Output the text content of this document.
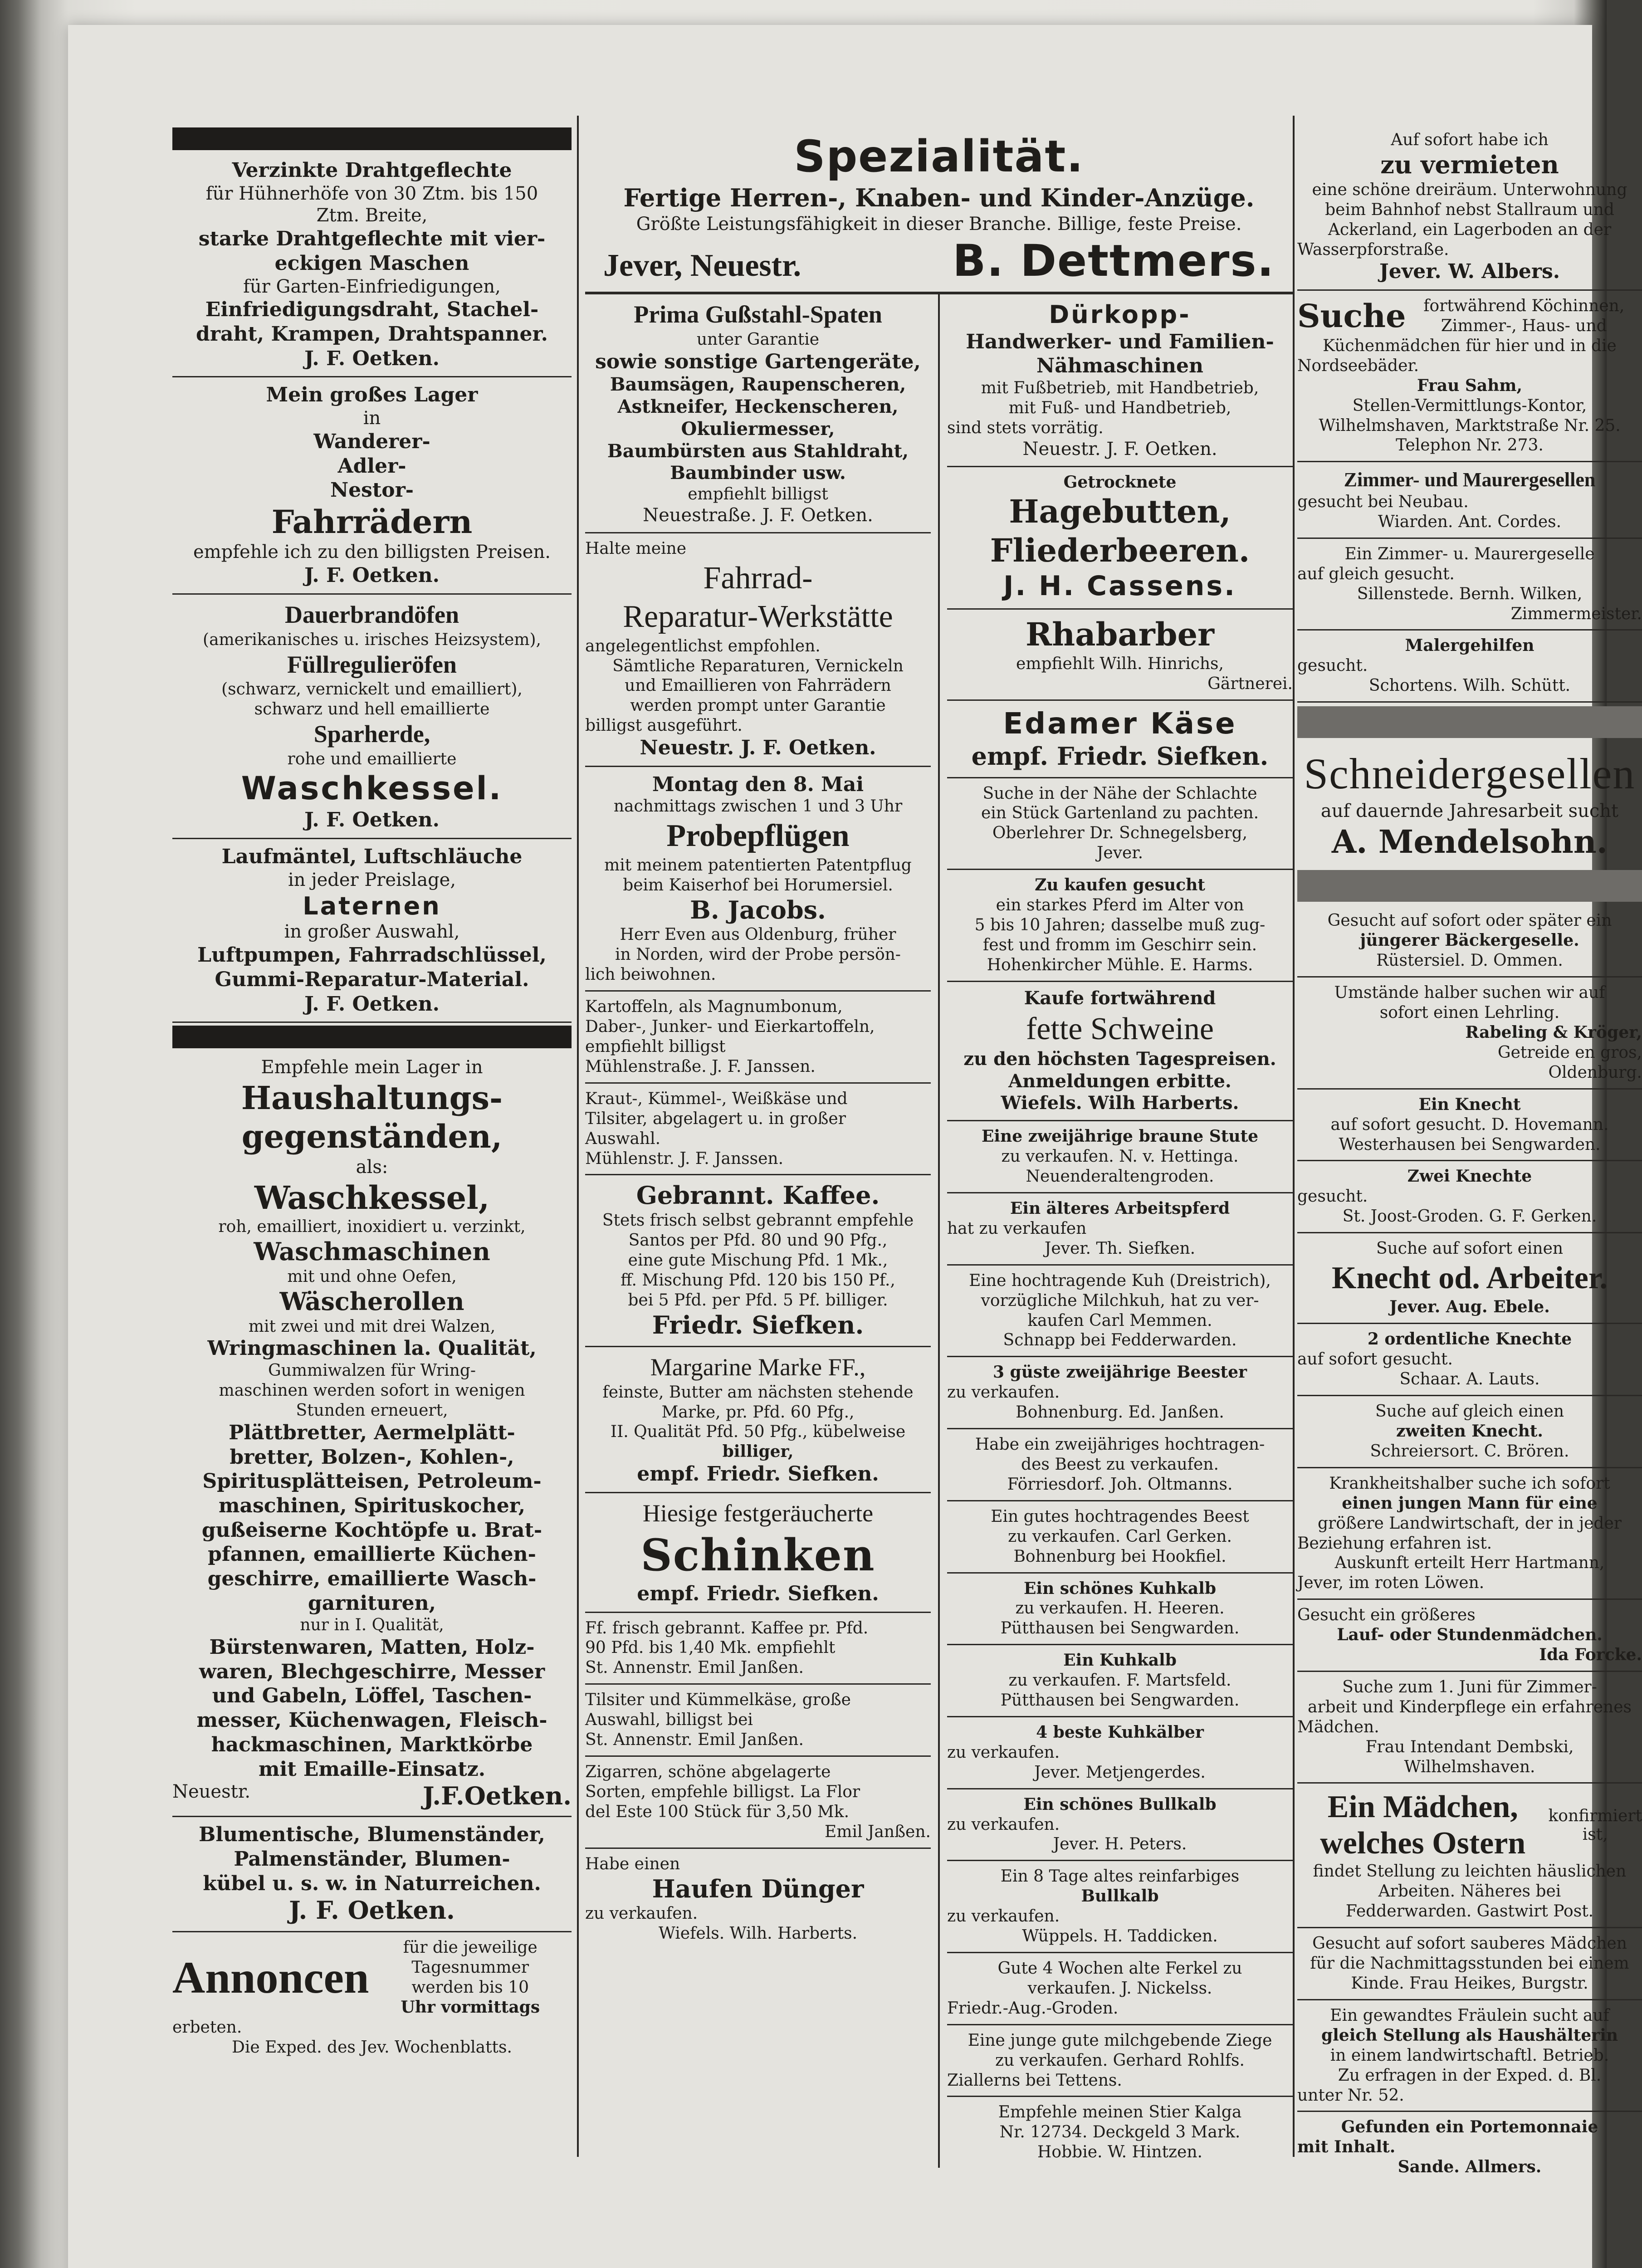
Verzinkte Drahtgeflechte

für Hühnerhöfe von 30 Ztm. bis 150

Ztm. Breite,

starke Drahtgeflechte mit vier-

eckigen Maschen

für Garten-Einfriedigungen,

Einfriedigungsdraht, Stachel-

draht, Krampen, Drahtspanner.

J. F. Oetken.

Mein großes Lager

in

Wanderer-

Adler-

Nestor-

Fahrrädern

empfehle ich zu den billigsten Preisen.

J. F. Oetken.

Dauerbrandöfen

(amerikanisches u. irisches Heizsystem),

Füllregulieröfen

(schwarz, vernickelt und emailliert),

schwarz und hell emaillierte

Sparherde,

rohe und emaillierte

Waschkessel.

J. F. Oetken.

Laufmäntel, Luftschläuche

in jeder Preislage,

Laternen

in großer Auswahl,

Luftpumpen, Fahrradschlüssel,

Gummi-Reparatur-Material.

J. F. Oetken.

Empfehle mein Lager in

Haushaltungs-

gegenständen,

als:

Waschkessel,

roh, emailliert, inoxidiert u. verzinkt,

Waschmaschinen

mit und ohne Oefen,

Wäscherollen

mit zwei und mit drei Walzen,

Wringmaschinen la. Qualität,

Gummiwalzen für Wring-

maschinen werden sofort in wenigen

Stunden erneuert,

Plättbretter, Aermelplätt-

bretter, Bolzen-, Kohlen-,

Spiritusplätteisen, Petroleum-

maschinen, Spirituskocher,

gußeiserne Kochtöpfe u. Brat-

pfannen, emaillierte Küchen-

geschirre, emaillierte Wasch-

garnituren,

nur in I. Qualität,

Bürstenwaren, Matten, Holz-

waren, Blechgeschirre, Messer

und Gabeln, Löffel, Taschen-

messer, Küchenwagen, Fleisch-

hackmaschinen, Marktkörbe

mit Emaille-Einsatz.

Neuestr.	J.F.Oetken.

Blumentische, Blumenständer,

Palmenständer, Blumen-

kübel u. s. w. in Naturreichen.

J. F. Oetken.

Annoncen

für die jeweilige

Tagesnummer

werden bis 10

Uhr vormittags

erbeten.

Die Exped. des Jev. Wochenblatts.

Spezialität.

Fertige Herren-, Knaben- und Kinder-Anzüge.

Größte Leistungsfähigkeit in dieser Branche. Billige, feste Preise.

Jever, Neuestr.	B. Dettmers.

Prima Gußstahl-Spaten

unter Garantie

sowie sonstige Gartengeräte,

Baumsägen, Raupenscheren,

Astkneifer, Heckenscheren,

Okuliermesser,

Baumbürsten aus Stahldraht,

Baumbinder usw.

empfiehlt billigst

Neuestraße. J. F. Oetken.

Halte meine

Fahrrad-

Reparatur-Werkstätte

angelegentlichst empfohlen.

Sämtliche Reparaturen, Vernickeln

und Emaillieren von Fahrrädern

werden prompt unter Garantie

billigst ausgeführt.

Neuestr. J. F. Oetken.

Montag den 8. Mai

nachmittags zwischen 1 und 3 Uhr

Probepflügen

mit meinem patentierten Patentpflug

beim Kaiserhof bei Horumersiel.

B. Jacobs.

Herr Even aus Oldenburg, früher

in Norden, wird der Probe persön-

lich beiwohnen.

Kartoffeln, als Magnumbonum,

Daber-, Junker- und Eierkartoffeln,

empfiehlt billigst

Mühlenstraße. J. F. Janssen.

Kraut-, Kümmel-, Weißkäse und

Tilsiter, abgelagert u. in großer

Auswahl.

Mühlenstr. J. F. Janssen.

Gebrannt. Kaffee.

Stets frisch selbst gebrannt empfehle

Santos per Pfd. 80 und 90 Pfg.,

eine gute Mischung Pfd. 1 Mk.,

ff. Mischung Pfd. 120 bis 150 Pf.,

bei 5 Pfd. per Pfd. 5 Pf. billiger.

Friedr. Siefken.

Margarine Marke FF.,

feinste, Butter am nächsten stehende

Marke, pr. Pfd. 60 Pfg.,

II. Qualität Pfd. 50 Pfg., kübelweise

billiger,

empf. Friedr. Siefken.

Hiesige festgeräucherte

Schinken

empf. Friedr. Siefken.

Ff. frisch gebrannt. Kaffee pr. Pfd.

90 Pfd. bis 1,40 Mk. empfiehlt

St. Annenstr. Emil Janßen.

Tilsiter und Kümmelkäse, große

Auswahl, billigst bei

St. Annenstr. Emil Janßen.

Zigarren, schöne abgelagerte

Sorten, empfehle billigst. La Flor

del Este 100 Stück für 3,50 Mk.

Emil Janßen.

Habe einen

Haufen Dünger

zu verkaufen.

Wiefels. Wilh. Harberts.

Dürkopp-

Handwerker- und Familien-

Nähmaschinen

mit Fußbetrieb, mit Handbetrieb,

mit Fuß- und Handbetrieb,

sind stets vorrätig.

Neuestr. J. F. Oetken.

Getrocknete

Hagebutten,

Fliederbeeren.

J. H. Cassens.

Rhabarber

empfiehlt Wilh. Hinrichs,

Gärtnerei.

Edamer Käse

empf. Friedr. Siefken.

Suche in der Nähe der Schlachte

ein Stück Gartenland zu pachten.

Oberlehrer Dr. Schnegelsberg,

Jever.

Zu kaufen gesucht

ein starkes Pferd im Alter von

5 bis 10 Jahren; dasselbe muß zug-

fest und fromm im Geschirr sein.

Hohenkircher Mühle. E. Harms.

Kaufe fortwährend

fette Schweine

zu den höchsten Tagespreisen.

Anmeldungen erbitte.

Wiefels. Wilh Harberts.

Eine zweijährige braune Stute

zu verkaufen. N. v. Hettinga.

Neuenderaltengroden.

Ein älteres Arbeitspferd

hat zu verkaufen

Jever. Th. Siefken.

Eine hochtragende Kuh (Dreistrich),

vorzügliche Milchkuh, hat zu ver-

kaufen Carl Memmen.

Schnapp bei Fedderwarden.

3 güste zweijährige Beester

zu verkaufen.

Bohnenburg. Ed. Janßen.

Habe ein zweijähriges hochtragen-

des Beest zu verkaufen.

Förriesdorf. Joh. Oltmanns.

Ein gutes hochtragendes Beest

zu verkaufen. Carl Gerken.

Bohnenburg bei Hookfiel.

Ein schönes Kuhkalb

zu verkaufen. H. Heeren.

Pütthausen bei Sengwarden.

Ein Kuhkalb

zu verkaufen. F. Martsfeld.

Pütthausen bei Sengwarden.

4 beste Kuhkälber

zu verkaufen.

Jever. Metjengerdes.

Ein schönes Bullkalb

zu verkaufen.

Jever. H. Peters.

Ein 8 Tage altes reinfarbiges

Bullkalb

zu verkaufen.

Wüppels. H. Taddicken.

Gute 4 Wochen alte Ferkel zu

verkaufen. J. Nickelss.

Friedr.-Aug.-Groden.

Eine junge gute milchgebende Ziege

zu verkaufen. Gerhard Rohlfs.

Ziallerns bei Tettens.

Empfehle meinen Stier Kalga

Nr. 12734. Deckgeld 3 Mark.

Hobbie. W. Hintzen.

Auf sofort habe ich

zu vermieten

eine schöne dreiräum. Unterwohnung

beim Bahnhof nebst Stallraum und

Ackerland, ein Lagerboden an der

Wasserpforstraße.

Jever. W. Albers.

Suche	fortwährend Köchinnen,

Zimmer-, Haus- und

Küchenmädchen für hier und in die

Nordseebäder.

Frau Sahm,

Stellen-Vermittlungs-Kontor,

Wilhelmshaven, Marktstraße Nr. 25.

Telephon Nr. 273.

Zimmer- und Maurergesellen

gesucht bei Neubau.

Wiarden. Ant. Cordes.

Ein Zimmer- u. Maurergeselle

auf gleich gesucht.

Sillenstede. Bernh. Wilken,

Zimmermeister.

Malergehilfen

gesucht.

Schortens. Wilh. Schütt.

Schneidergesellen

auf dauernde Jahresarbeit sucht

A. Mendelsohn.

Gesucht auf sofort oder später ein

jüngerer Bäckergeselle.

Rüstersiel. D. Ommen.

Umstände halber suchen wir auf

sofort einen Lehrling.

Rabeling & Kröger,

Getreide en gros,

Oldenburg.

Ein Knecht

auf sofort gesucht. D. Hovemann.

Westerhausen bei Sengwarden.

Zwei Knechte

gesucht.

St. Joost-Groden. G. F. Gerken.

Suche auf sofort einen

Knecht od. Arbeiter.

Jever. Aug. Ebele.

2 ordentliche Knechte

auf sofort gesucht.

Schaar. A. Lauts.

Suche auf gleich einen

zweiten Knecht.

Schreiersort. C. Brören.

Krankheitshalber suche ich sofort

einen jungen Mann für eine

größere Landwirtschaft, der in jeder

Beziehung erfahren ist.

Auskunft erteilt Herr Hartmann,

Jever, im roten Löwen.

Gesucht ein größeres

Lauf- oder Stundenmädchen.

Ida Forcke.

Suche zum 1. Juni für Zimmer-

arbeit und Kinderpflege ein erfahrenes

Mädchen.

Frau Intendant Dembski,

Wilhelmshaven.

Ein Mädchen, welches Ostern
konfirmiert ist,

findet Stellung zu leichten häuslichen

Arbeiten. Näheres bei

Fedderwarden. Gastwirt Post.

Gesucht auf sofort sauberes Mädchen

für die Nachmittagsstunden bei einem

Kinde. Frau Heikes, Burgstr.

Ein gewandtes Fräulein sucht auf

gleich Stellung als Haushälterin

in einem landwirtschaftl. Betrieb.

Zu erfragen in der Exped. d. Bl.

unter Nr. 52.

Gefunden ein Portemonnaie

mit Inhalt.

Sande. Allmers.
